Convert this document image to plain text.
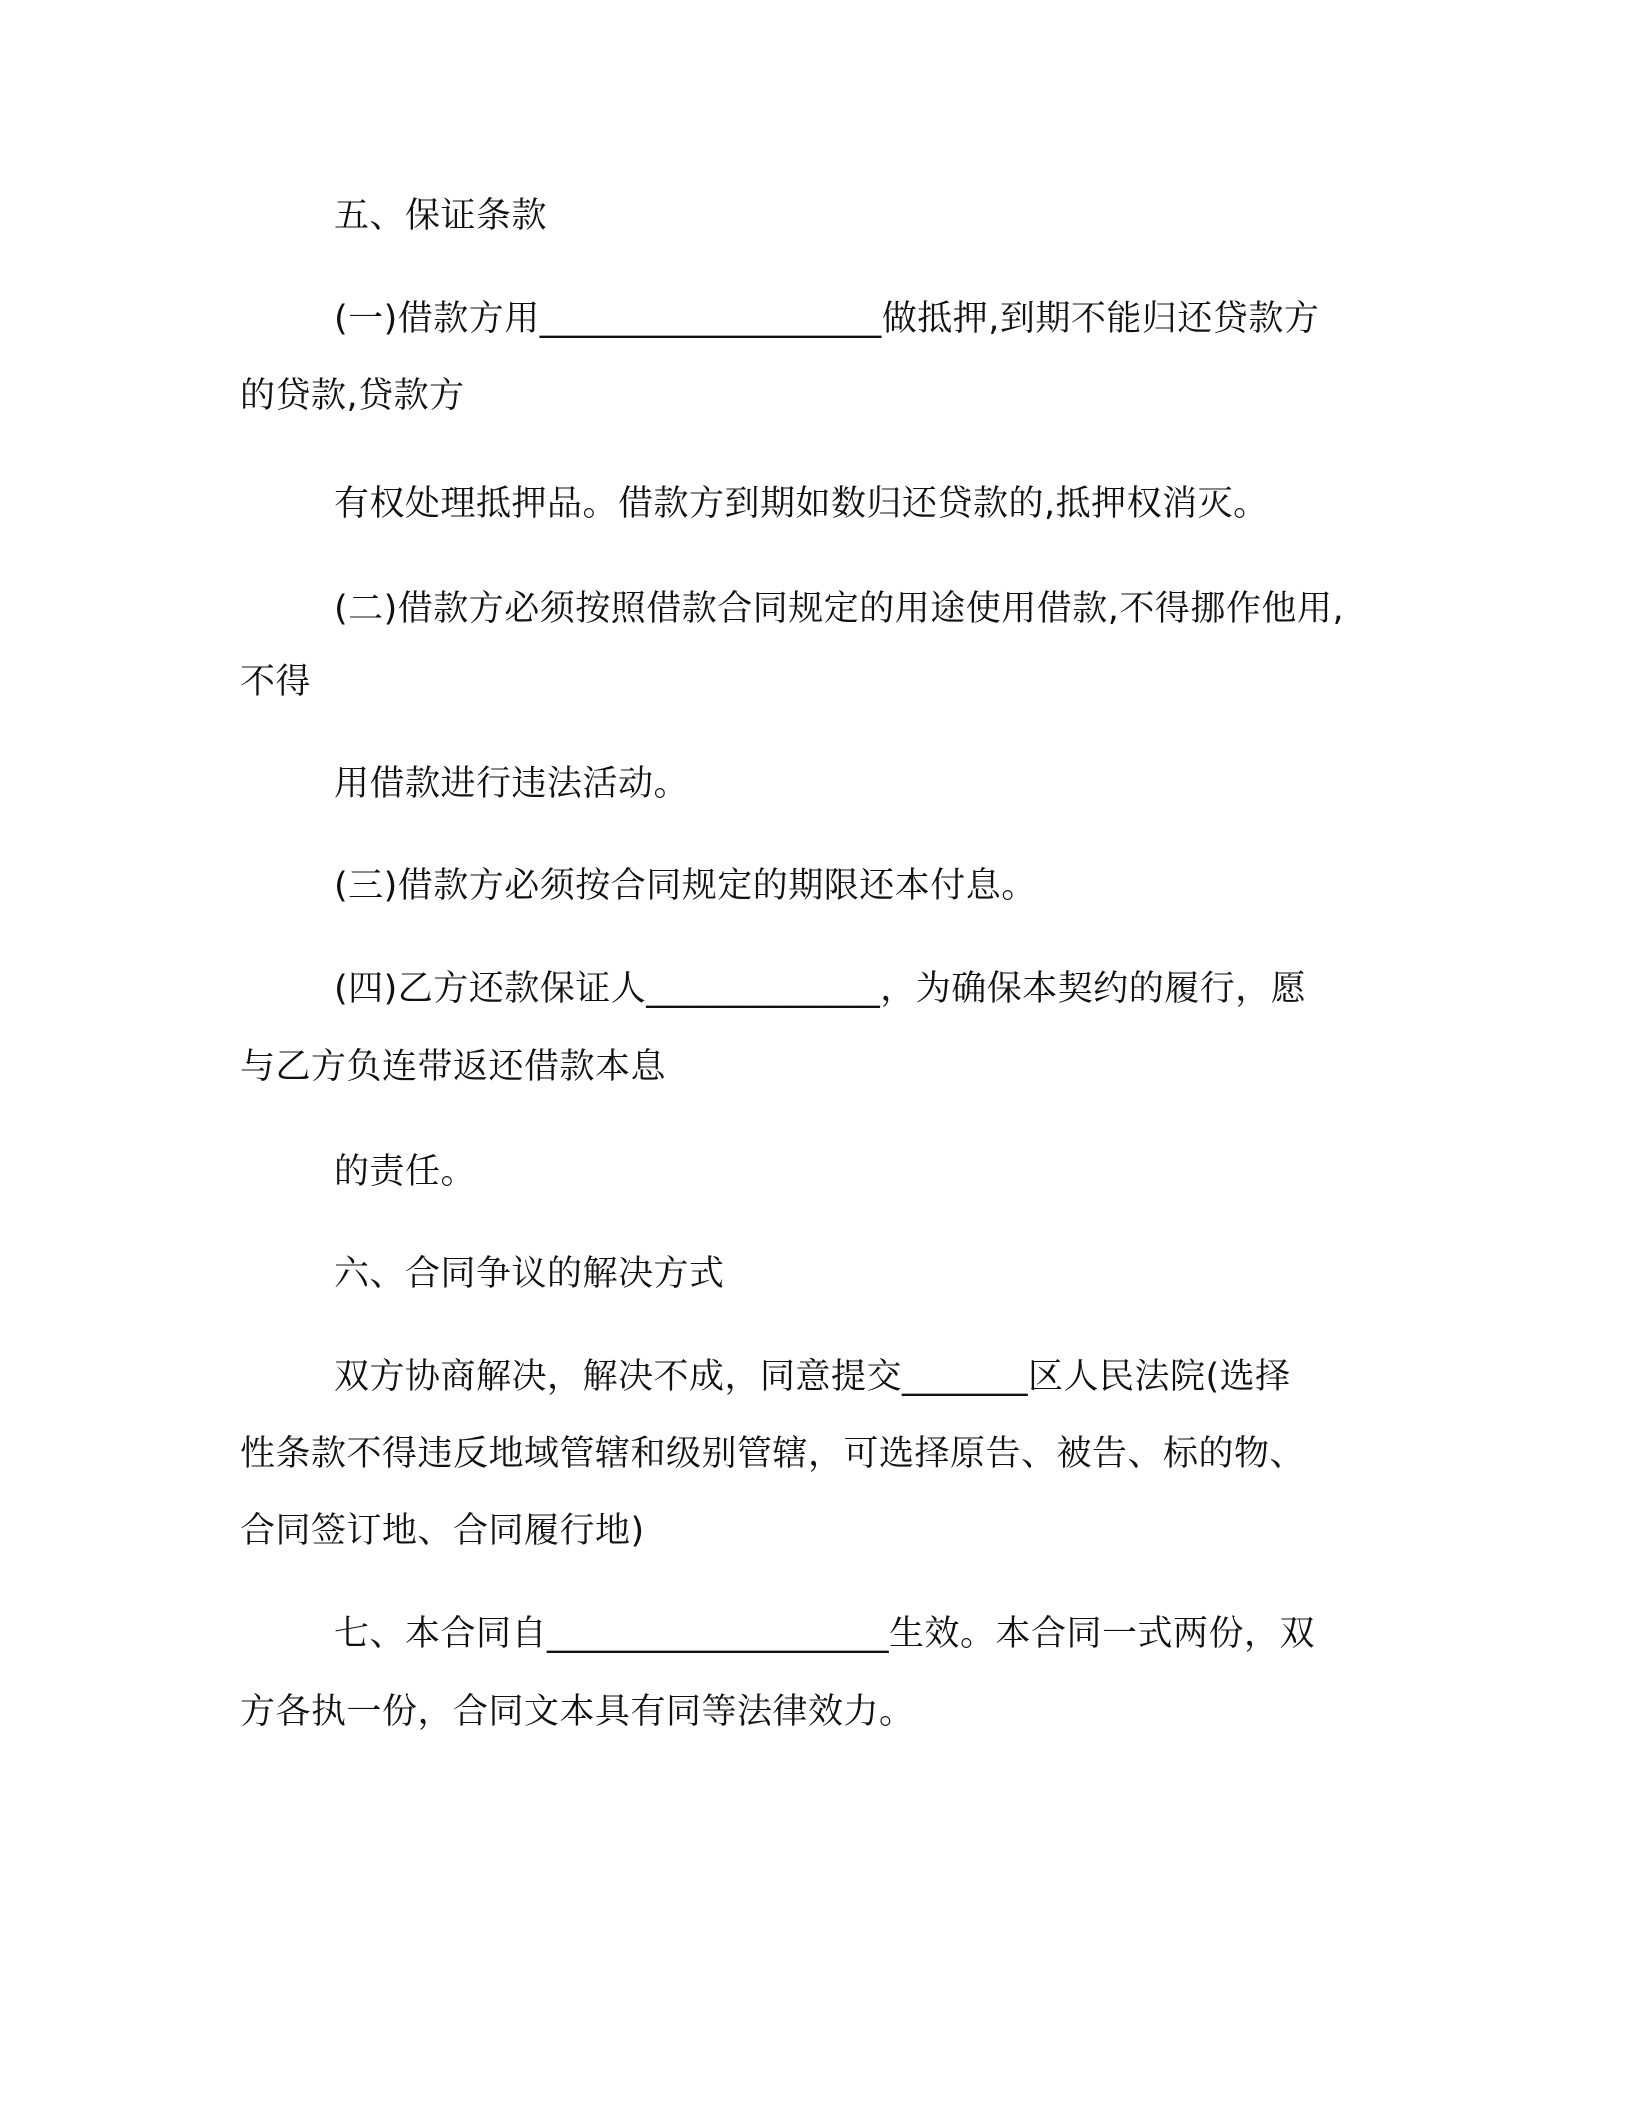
五、保证条款

(一)借款方用___________________做抵押,到期不能归还贷款方

的贷款,贷款方

有权处理抵押品。借款方到期如数归还贷款的,抵押权消灭。

(二)借款方必须按照借款合同规定的用途使用借款,不得挪作他用,

不得

用借款进行违法活动。

(三)借款方必须按合同规定的期限还本付息。

(四)乙方还款保证人_____________，为确保本契约的履行，愿

与乙方负连带返还借款本息

的责任。

六、合同争议的解决方式

双方协商解决，解决不成，同意提交_______区人民法院(选择

性条款不得违反地域管辖和级别管辖，可选择原告、被告、标的物、

合同签订地、合同履行地)

七、本合同自___________________生效。本合同一式两份，双

方各执一份，合同文本具有同等法律效力。
